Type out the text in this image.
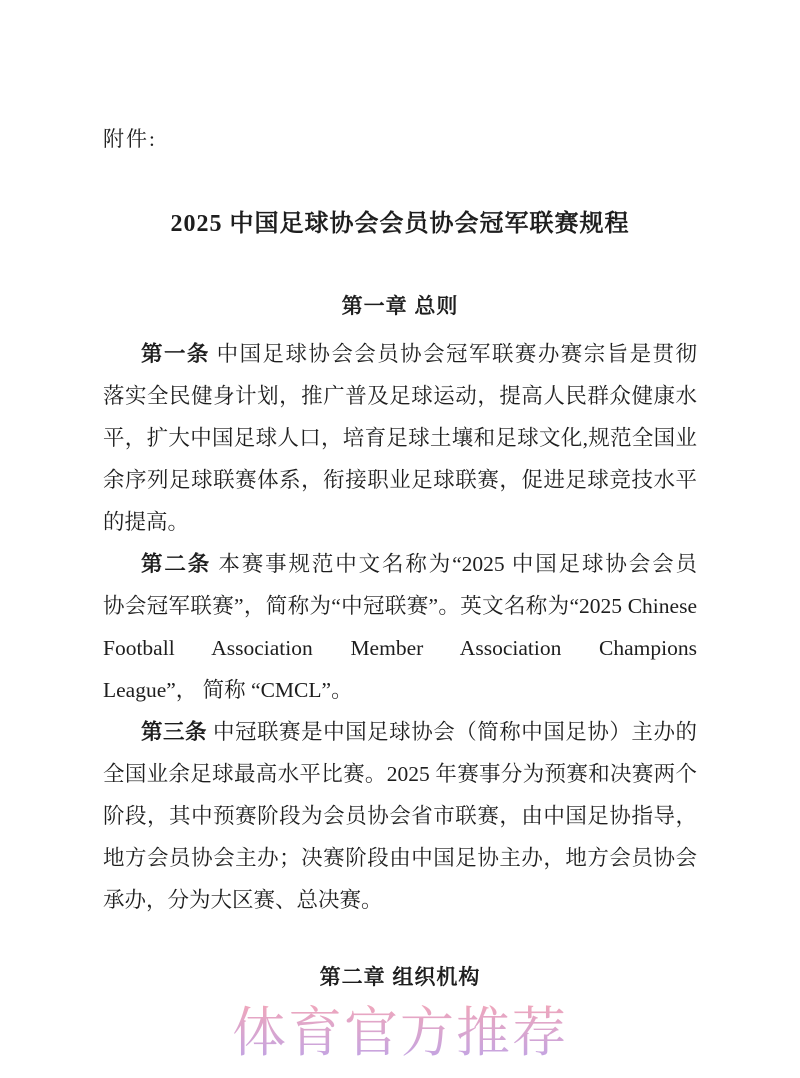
附件:
2025 中国足球协会会员协会冠军联赛规程
第一章 总则
第一条 中国足球协会会员协会冠军联赛办赛宗旨是贯彻
落实全民健身计划，推广普及足球运动，提高人民群众健康水
平，扩大中国足球人口，培育足球土壤和足球文化,规范全国业
余序列足球联赛体系，衔接职业足球联赛，促进足球竞技水平
的提高。
第二条 本赛事规范中文名称为“2025 中国足球协会会员
协会冠军联赛”，简称为“中冠联赛”。英文名称为“2025 Chinese
Football Association Member Association Champions
League”， 简称 “CMCL”。
第三条 中冠联赛是中国足球协会（简称中国足协）主办的
全国业余足球最高水平比赛。2025 年赛事分为预赛和决赛两个
阶段，其中预赛阶段为会员协会省市联赛，由中国足协指导，
地方会员协会主办；决赛阶段由中国足协主办，地方会员协会
承办，分为大区赛、总决赛。
第二章 组织机构
体育官方推荐
